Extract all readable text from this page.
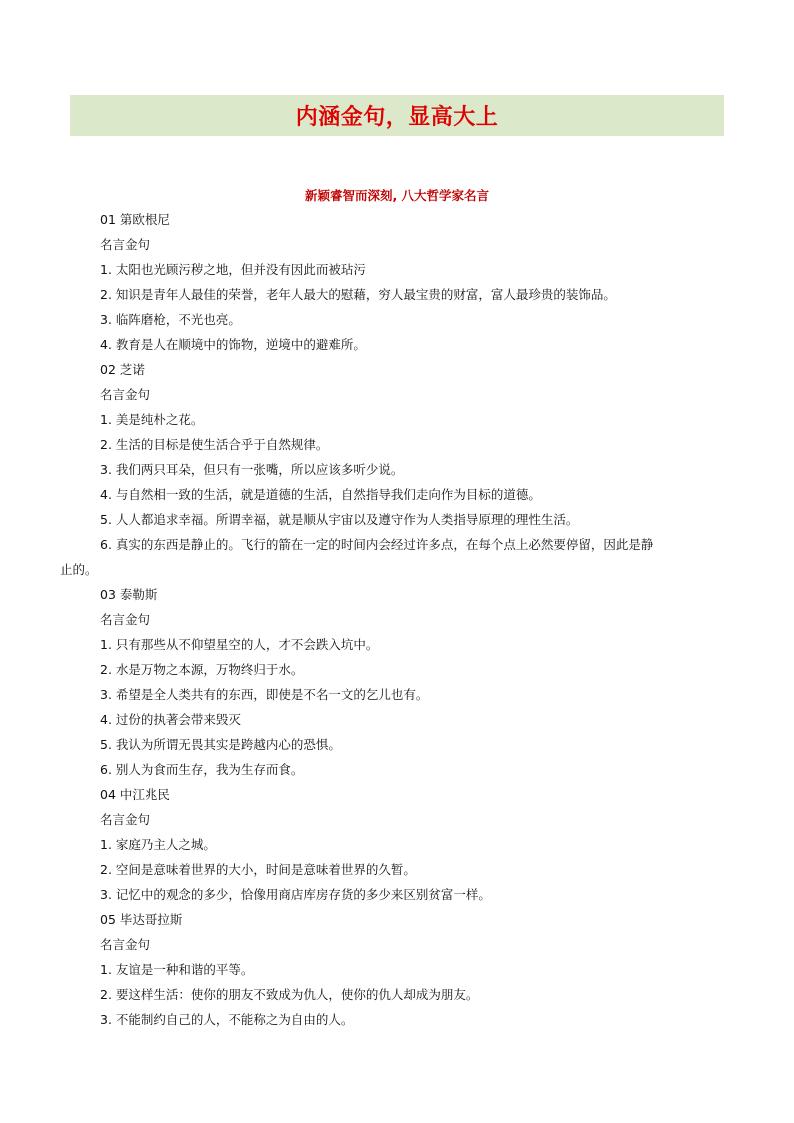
内涵金句，显高大上
新颖睿智而深刻, 八大哲学家名言
01 第欧根尼
名言金句
1. 太阳也光顾污秽之地，但并没有因此而被玷污
2. 知识是青年人最佳的荣誉，老年人最大的慰藉，穷人最宝贵的财富，富人最珍贵的装饰品。
3. 临阵磨枪，不光也亮。
4. 教育是人在顺境中的饰物，逆境中的避难所。
02 芝诺
名言金句
1. 美是纯朴之花。
2. 生活的目标是使生活合乎于自然规律。
3. 我们两只耳朵，但只有一张嘴，所以应该多听少说。
4. 与自然相一致的生活，就是道德的生活，自然指导我们走向作为目标的道德。
5. 人人都追求幸福。所谓幸福，就是顺从宇宙以及遵守作为人类指导原理的理性生活。
6. 真实的东西是静止的。飞行的箭在一定的时间内会经过许多点，在每个点上必然要停留，因此是静
止的。
03 泰勒斯
名言金句
1. 只有那些从不仰望星空的人，才不会跌入坑中。
2. 水是万物之本源，万物终归于水。
3. 希望是全人类共有的东西，即使是不名一文的乞儿也有。
4. 过份的执著会带来毁灭
5. 我认为所谓无畏其实是跨越内心的恐惧。
6. 别人为食而生存，我为生存而食。
04 中江兆民
名言金句
1. 家庭乃主人之城。
2. 空间是意味着世界的大小，时间是意味着世界的久暂。
3. 记忆中的观念的多少，恰像用商店库房存货的多少来区别贫富一样。
05 毕达哥拉斯
名言金句
1. 友谊是一种和谐的平等。
2. 要这样生活：使你的朋友不致成为仇人，使你的仇人却成为朋友。
3. 不能制约自己的人，不能称之为自由的人。
